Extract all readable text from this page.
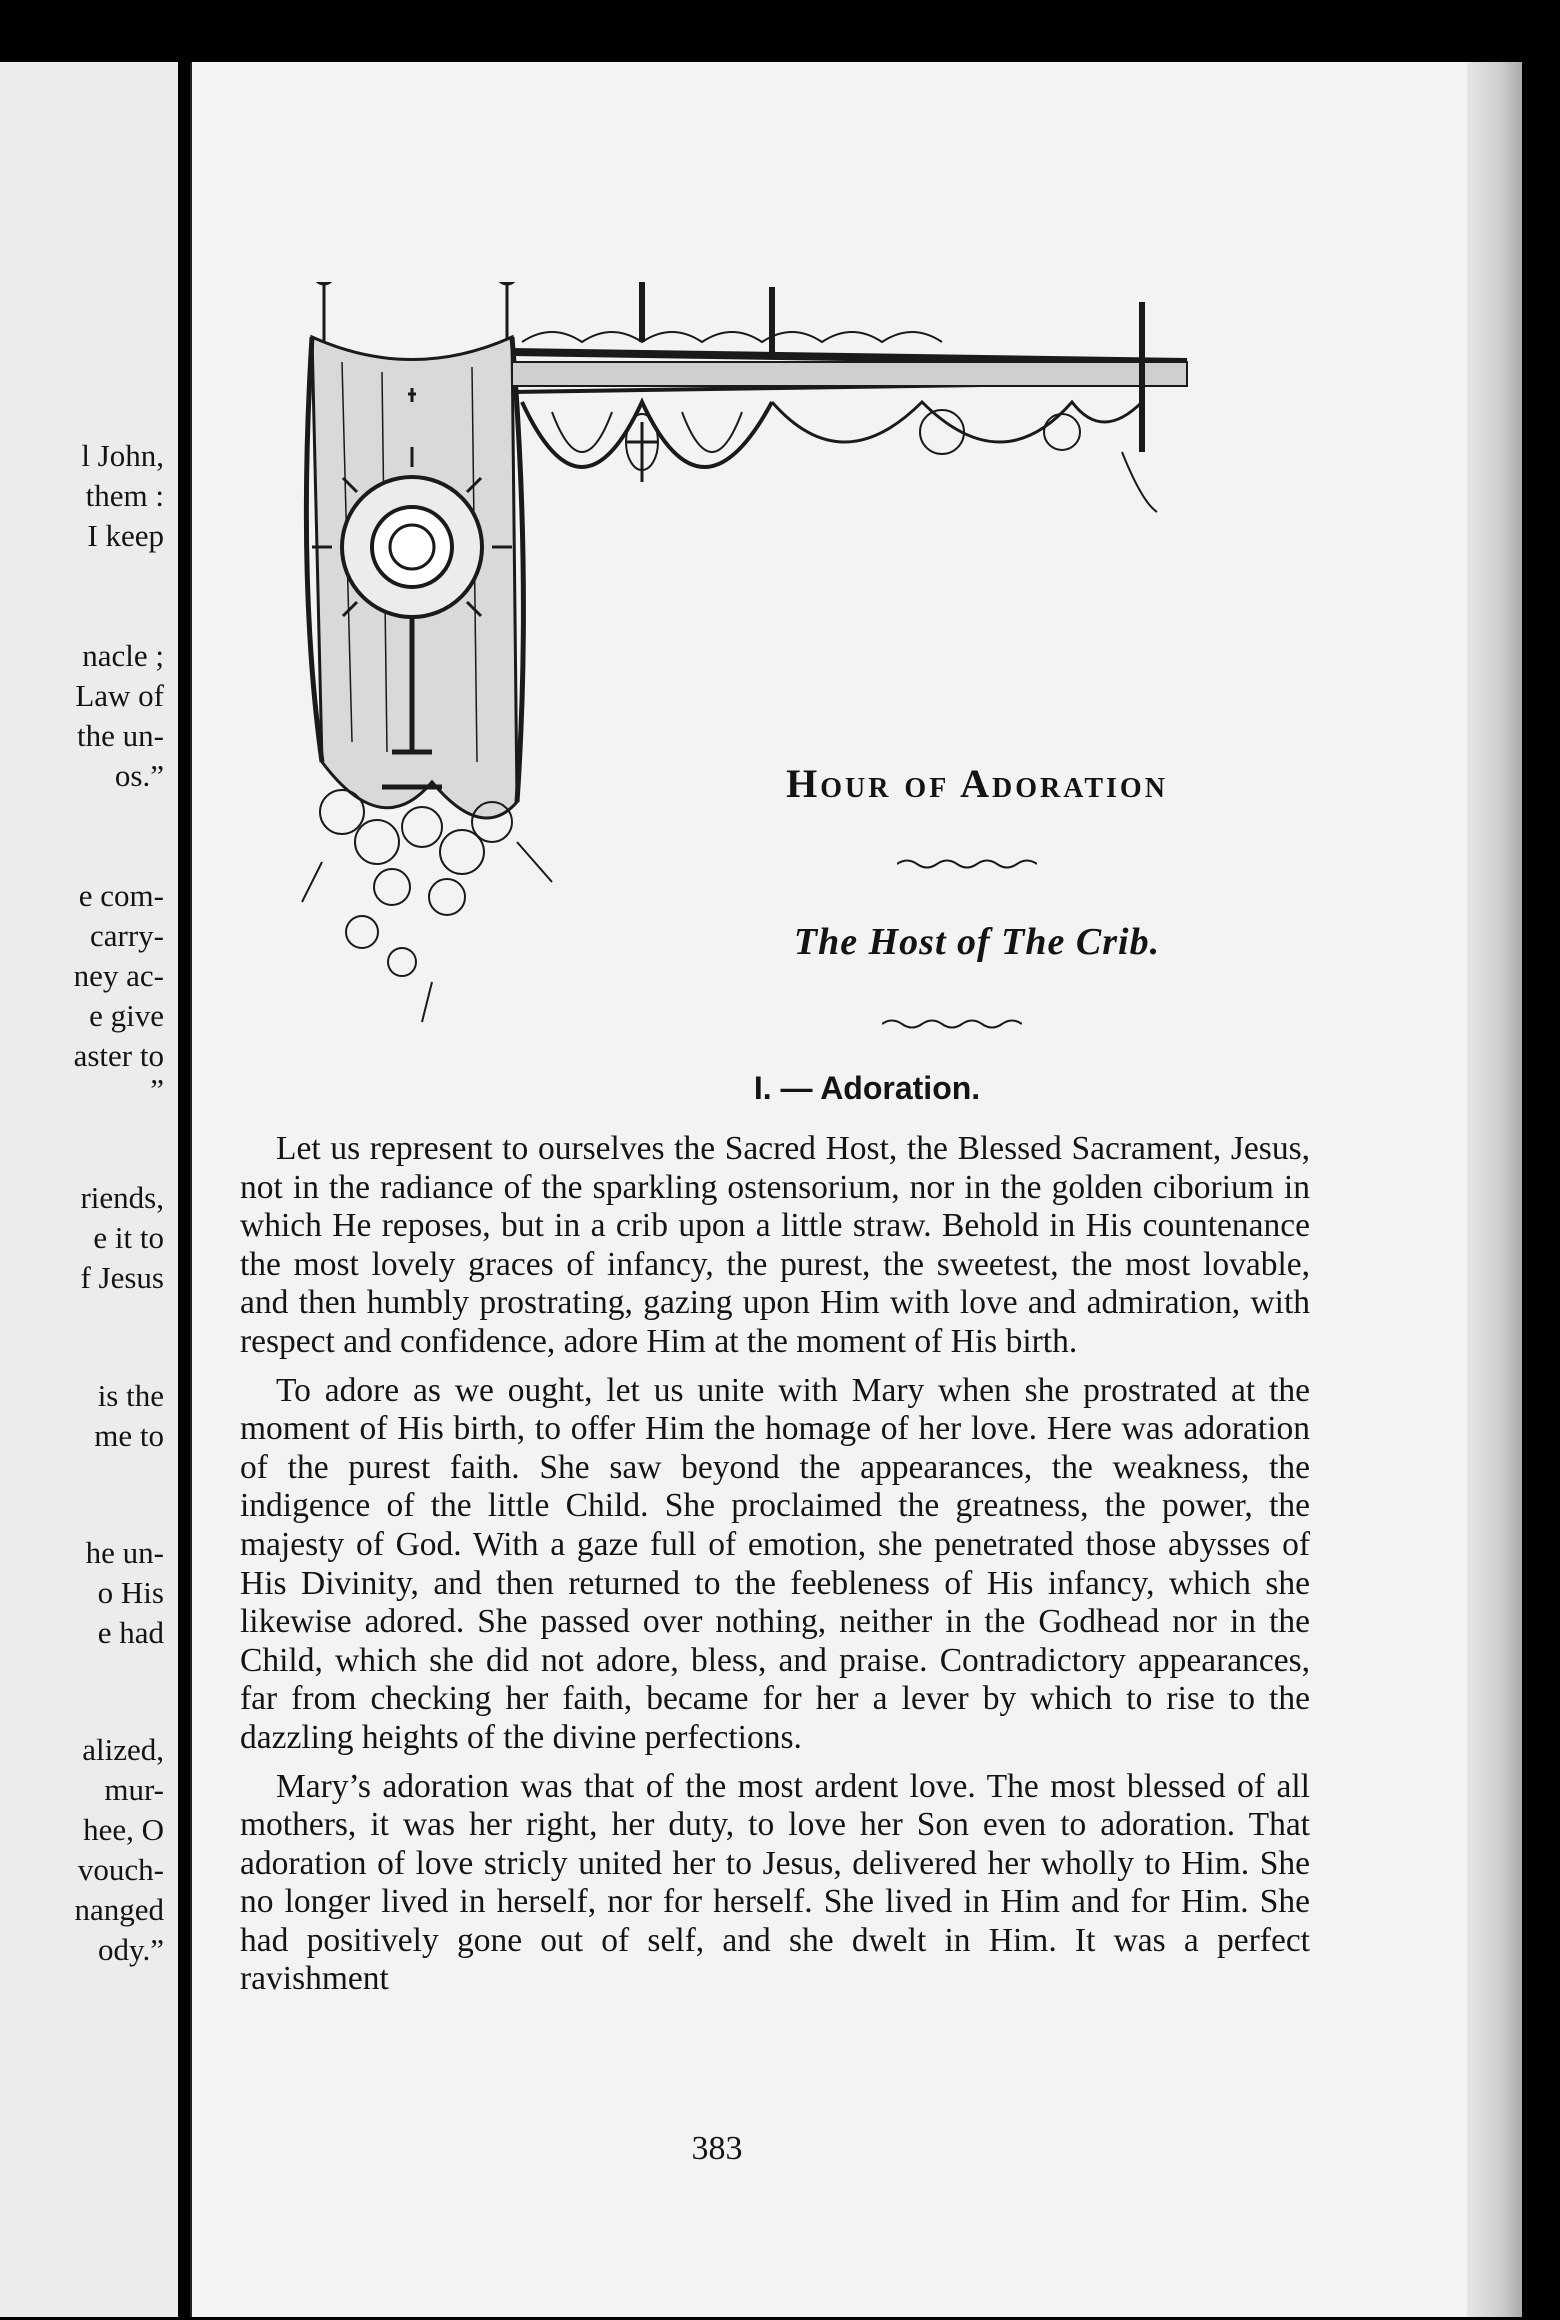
l John,
them :
I keep
nacle ;
Law of
the un-
os.”
e com-
carry-
ney ac-
e give
aster to
”
riends,
e it to
f Jesus
is the
me to
he un-
o His
e had
alized,
mur-
hee, O
vouch-
nanged
ody.”
Hour of Adoration
The Host of The Crib.
I. — Adoration.

Let us represent to ourselves the Sacred Host, the Blessed Sacrament, Jesus, not in the radiance of the sparkling ostensorium, nor in the golden ciborium in which He reposes, but in a crib upon a little straw. Behold in His countenance the most lovely graces of infancy, the purest, the sweetest, the most lovable, and then humbly prostrating, gazing upon Him with love and admiration, with respect and confidence, adore Him at the moment of His birth.

To adore as we ought, let us unite with Mary when she prostrated at the moment of His birth, to offer Him the homage of her love. Here was adoration of the purest faith. She saw beyond the appearances, the weakness, the indigence of the little Child. She proclaimed the greatness, the power, the majesty of God. With a gaze full of emotion, she penetrated those abysses of His Divinity, and then returned to the feebleness of His infancy, which she likewise adored. She passed over nothing, neither in the Godhead nor in the Child, which she did not adore, bless, and praise. Contradictory appearances, far from checking her faith, became for her a lever by which to rise to the dazzling heights of the divine perfections.

Mary’s adoration was that of the most ardent love. The most blessed of all mothers, it was her right, her duty, to love her Son even to adoration. That adoration of love stricly united her to Jesus, delivered her wholly to Him. She no longer lived in herself, nor for herself. She lived in Him and for Him. She had positively gone out of self, and she dwelt in Him. It was a perfect ravishment

383
